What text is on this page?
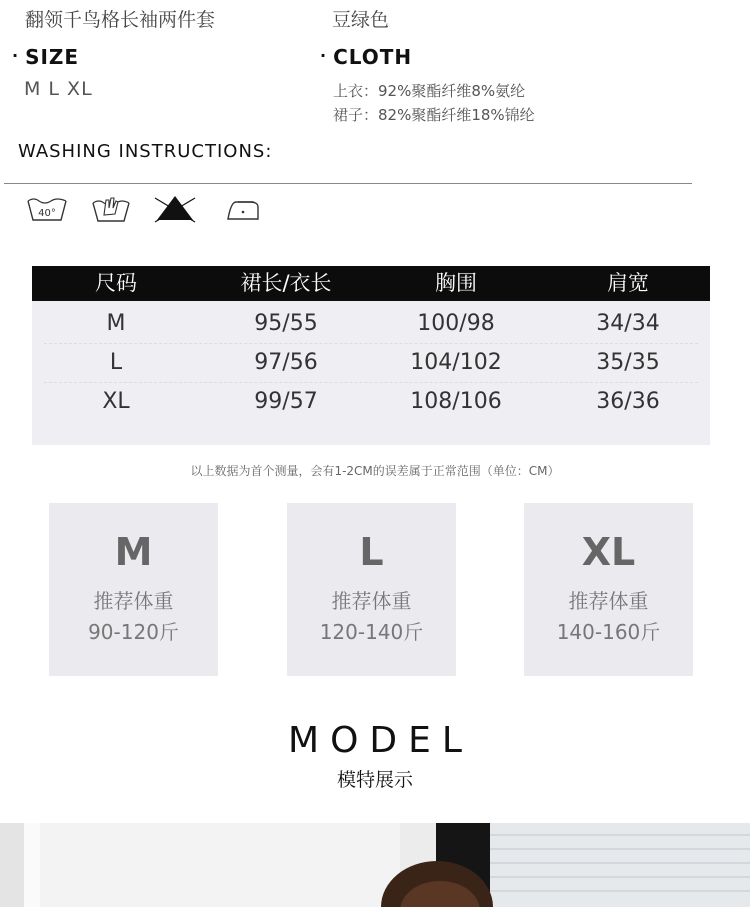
翻领千鸟格长袖两件套	豆绿色
· SIZE
M L XL
· CLOTH
上衣：92%聚酯纤维8%氨纶
裙子：82%聚酯纤维18%锦纶
WASHING INSTRUCTIONS:
40°
尺码	裙长/衣长	胸围	肩宽
M	95/55	100/98	34/34
L	97/56	104/102	35/35
XL	99/57	108/106	36/36
以上数据为首个测量，会有1-2CM的误差属于正常范围（单位：CM）
M
推荐体重
90-120斤
L
推荐体重
120-140斤
XL
推荐体重
140-160斤
MODEL
模特展示
